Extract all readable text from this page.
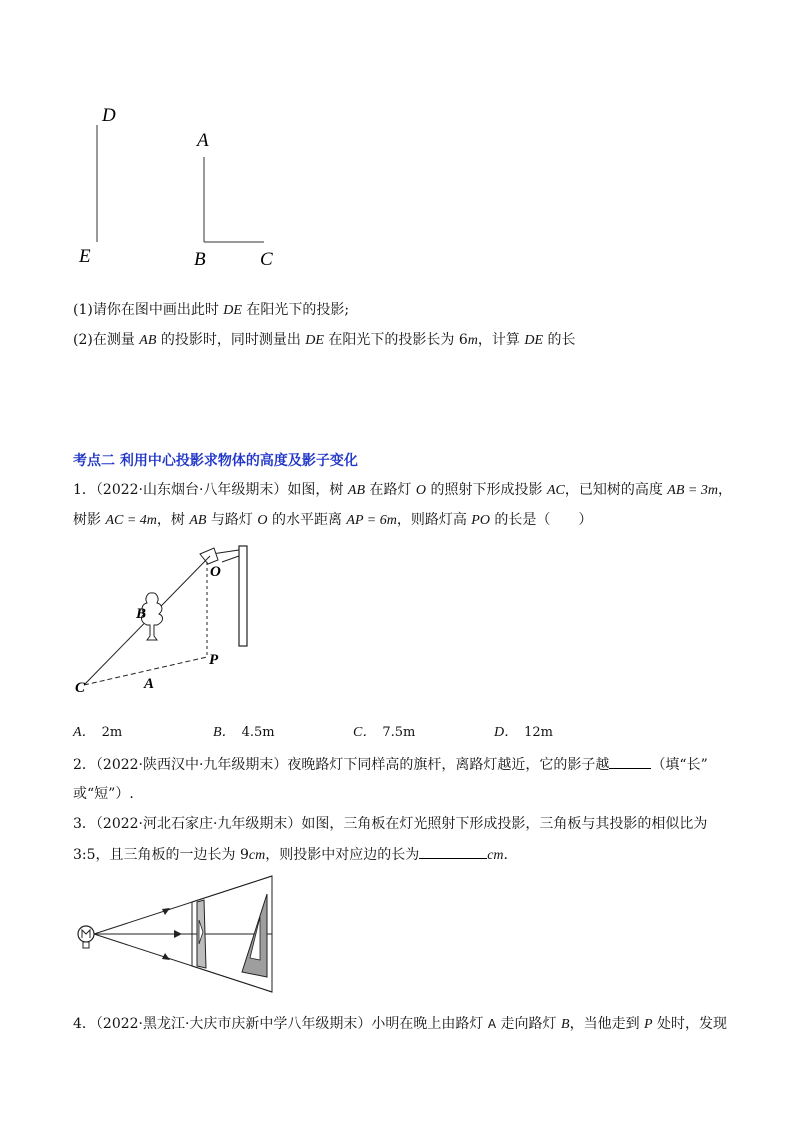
D
E
A
B	C
(1)请你在图中画出此时 DE 在阳光下的投影;
(2)在测量 AB 的投影时，同时测量出 DE 在阳光下的投影长为 6m，计算 DE 的长
考点二 利用中心投影求物体的高度及影子变化
1．（2022·山东烟台·八年级期末）如图，树 AB 在路灯 O 的照射下形成投影 AC，已知树的高度 AB = 3m，
树影 AC = 4m，树 AB 与路灯 O 的水平距离 AP = 6m，则路灯高 PO 的长是（　　）
O
B
P
C	A
A． 2m	B． 4.5m	C． 7.5m	D． 12m
2．（2022·陕西汉中·九年级期末）夜晚路灯下同样高的旗杆，离路灯越近，它的影子越	（填“长”
或“短”）.
3．（2022·河北石家庄·九年级期末）如图，三角板在灯光照射下形成投影，三角板与其投影的相似比为
3:5，且三角板的一边长为 9cm，则投影中对应边的长为	cm.
4．（2022·黑龙江·大庆市庆新中学八年级期末）小明在晚上由路灯 A 走向路灯 B，当他走到 P 处时，发现
